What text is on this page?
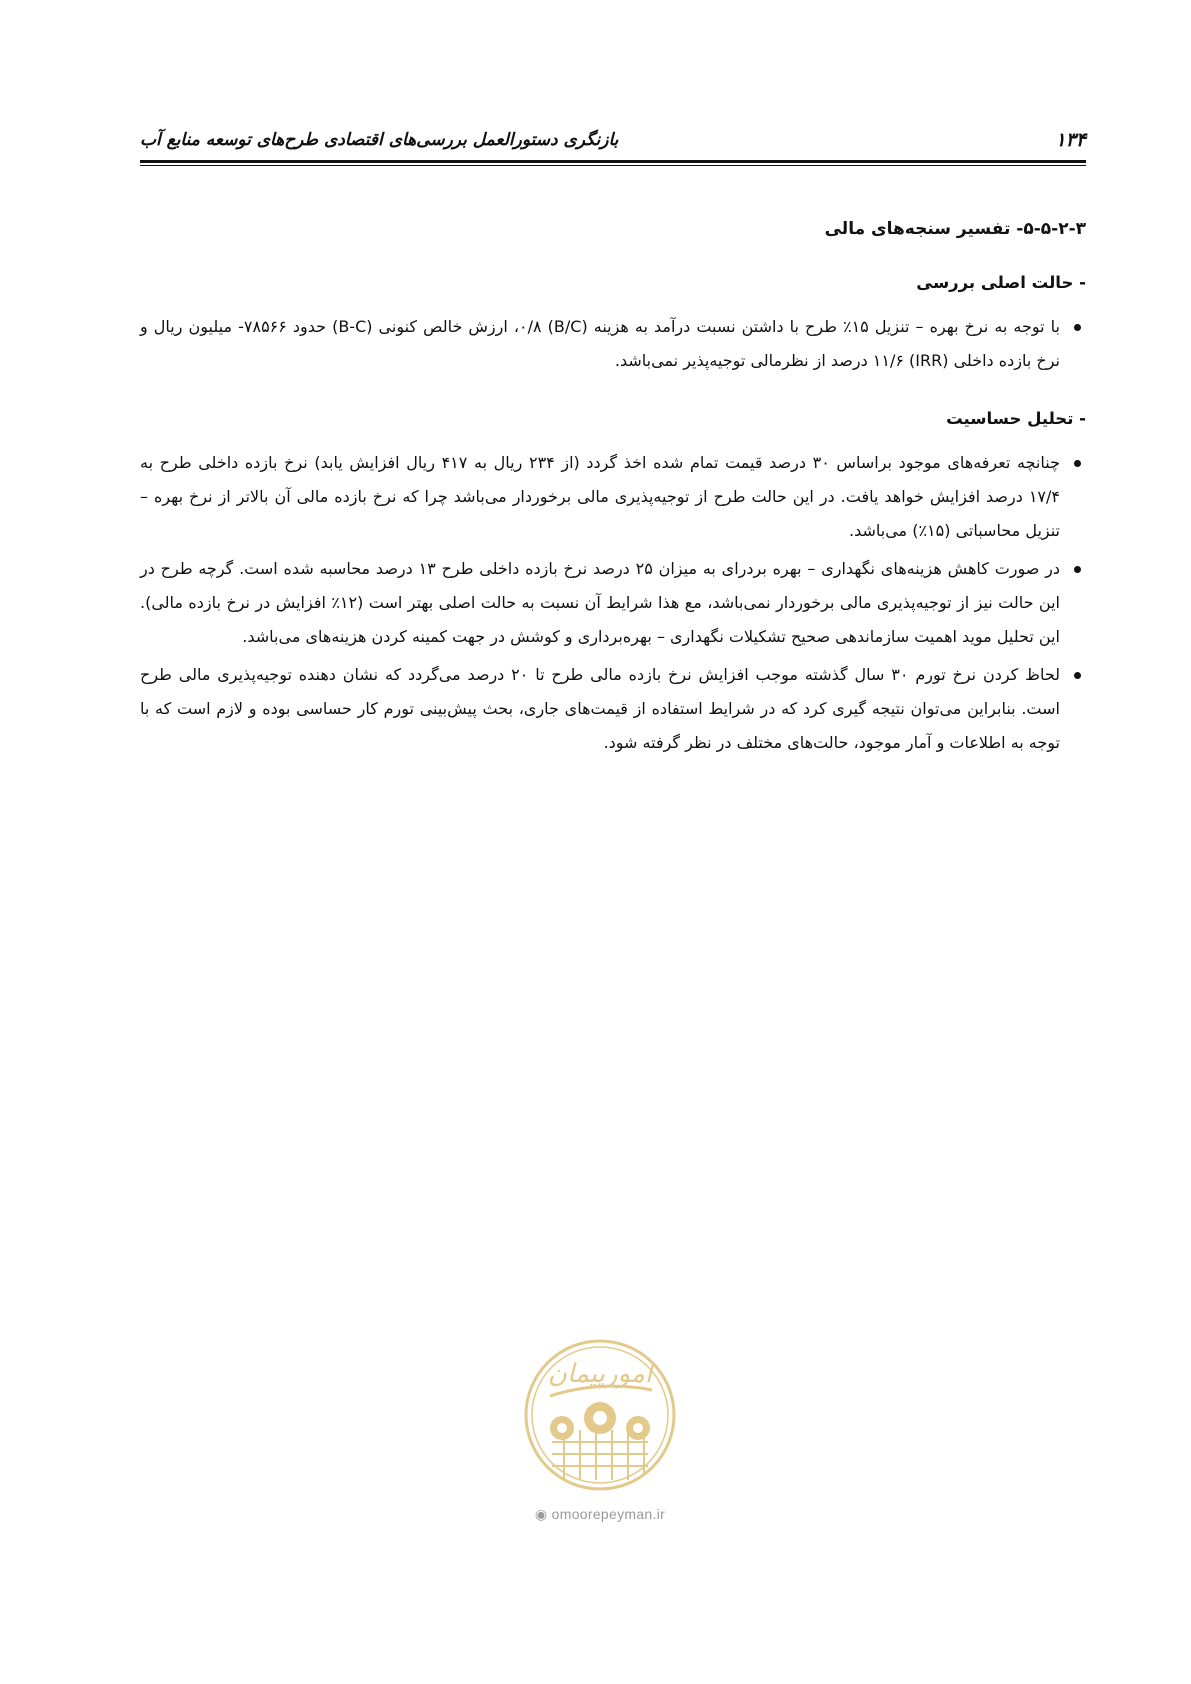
بازنگری دستورالعمل بررسی‌های اقتصادی طرح‌های توسعه منابع آب	۱۳۴
۵-۵-۲-۳- تفسیر سنجه‌های مالی
- حالت اصلی بررسی
با توجه به نرخ بهره – تنزیل ۱۵٪ طرح با داشتن نسبت درآمد به هزینه (B/C) ۰/۸، ارزش خالص کنونی (B-C) حدود ۷۸۵۶۶- میلیون ریال و نرخ بازده داخلی (IRR) ۱۱/۶ درصد از نظرمالی توجیه‌پذیر نمی‌باشد.
- تحلیل حساسیت
چنانچه تعرفه‌های موجود براساس ۳۰ درصد قیمت تمام شده اخذ گردد (از ۲۳۴ ریال به ۴۱۷ ریال افزایش یابد) نرخ بازده داخلی طرح به ۱۷/۴ درصد افزایش خواهد یافت. در این حالت طرح از توجیه‌پذیری مالی برخوردار می‌باشد چرا که نرخ بازده مالی آن بالاتر از نرخ بهره – تنزیل محاسباتی (۱۵٪) می‌باشد.
در صورت کاهش هزینه‌های نگهداری – بهره بردرای به میزان ۲۵ درصد نرخ بازده داخلی طرح ۱۳ درصد محاسبه شده است. گرچه طرح در این حالت نیز از توجیه‌پذیری مالی برخوردار نمی‌باشد، مع هذا شرایط آن نسبت به حالت اصلی بهتر است (۱۲٪ افزایش در نرخ بازده مالی). این تحلیل موید اهمیت سازماندهی صحیح تشکیلات نگهداری – بهره‌برداری و کوشش در جهت کمینه کردن هزینه‌های می‌باشد.
لحاظ کردن نرخ تورم ۳۰ سال گذشته موجب افزایش نرخ بازده مالی طرح تا ۲۰ درصد می‌گردد که نشان دهنده توجیه‌پذیری مالی طرح است. بنابراین می‌توان نتیجه گیری کرد که در شرایط استفاده از قیمت‌های جاری، بحث پیش‌بینی تورم کار حساسی بوده و لازم است که با توجه به اطلاعات و آمار موجود، حالت‌های مختلف در نظر گرفته شود.
امورپیمان
◉ omoorepeyman.ir
